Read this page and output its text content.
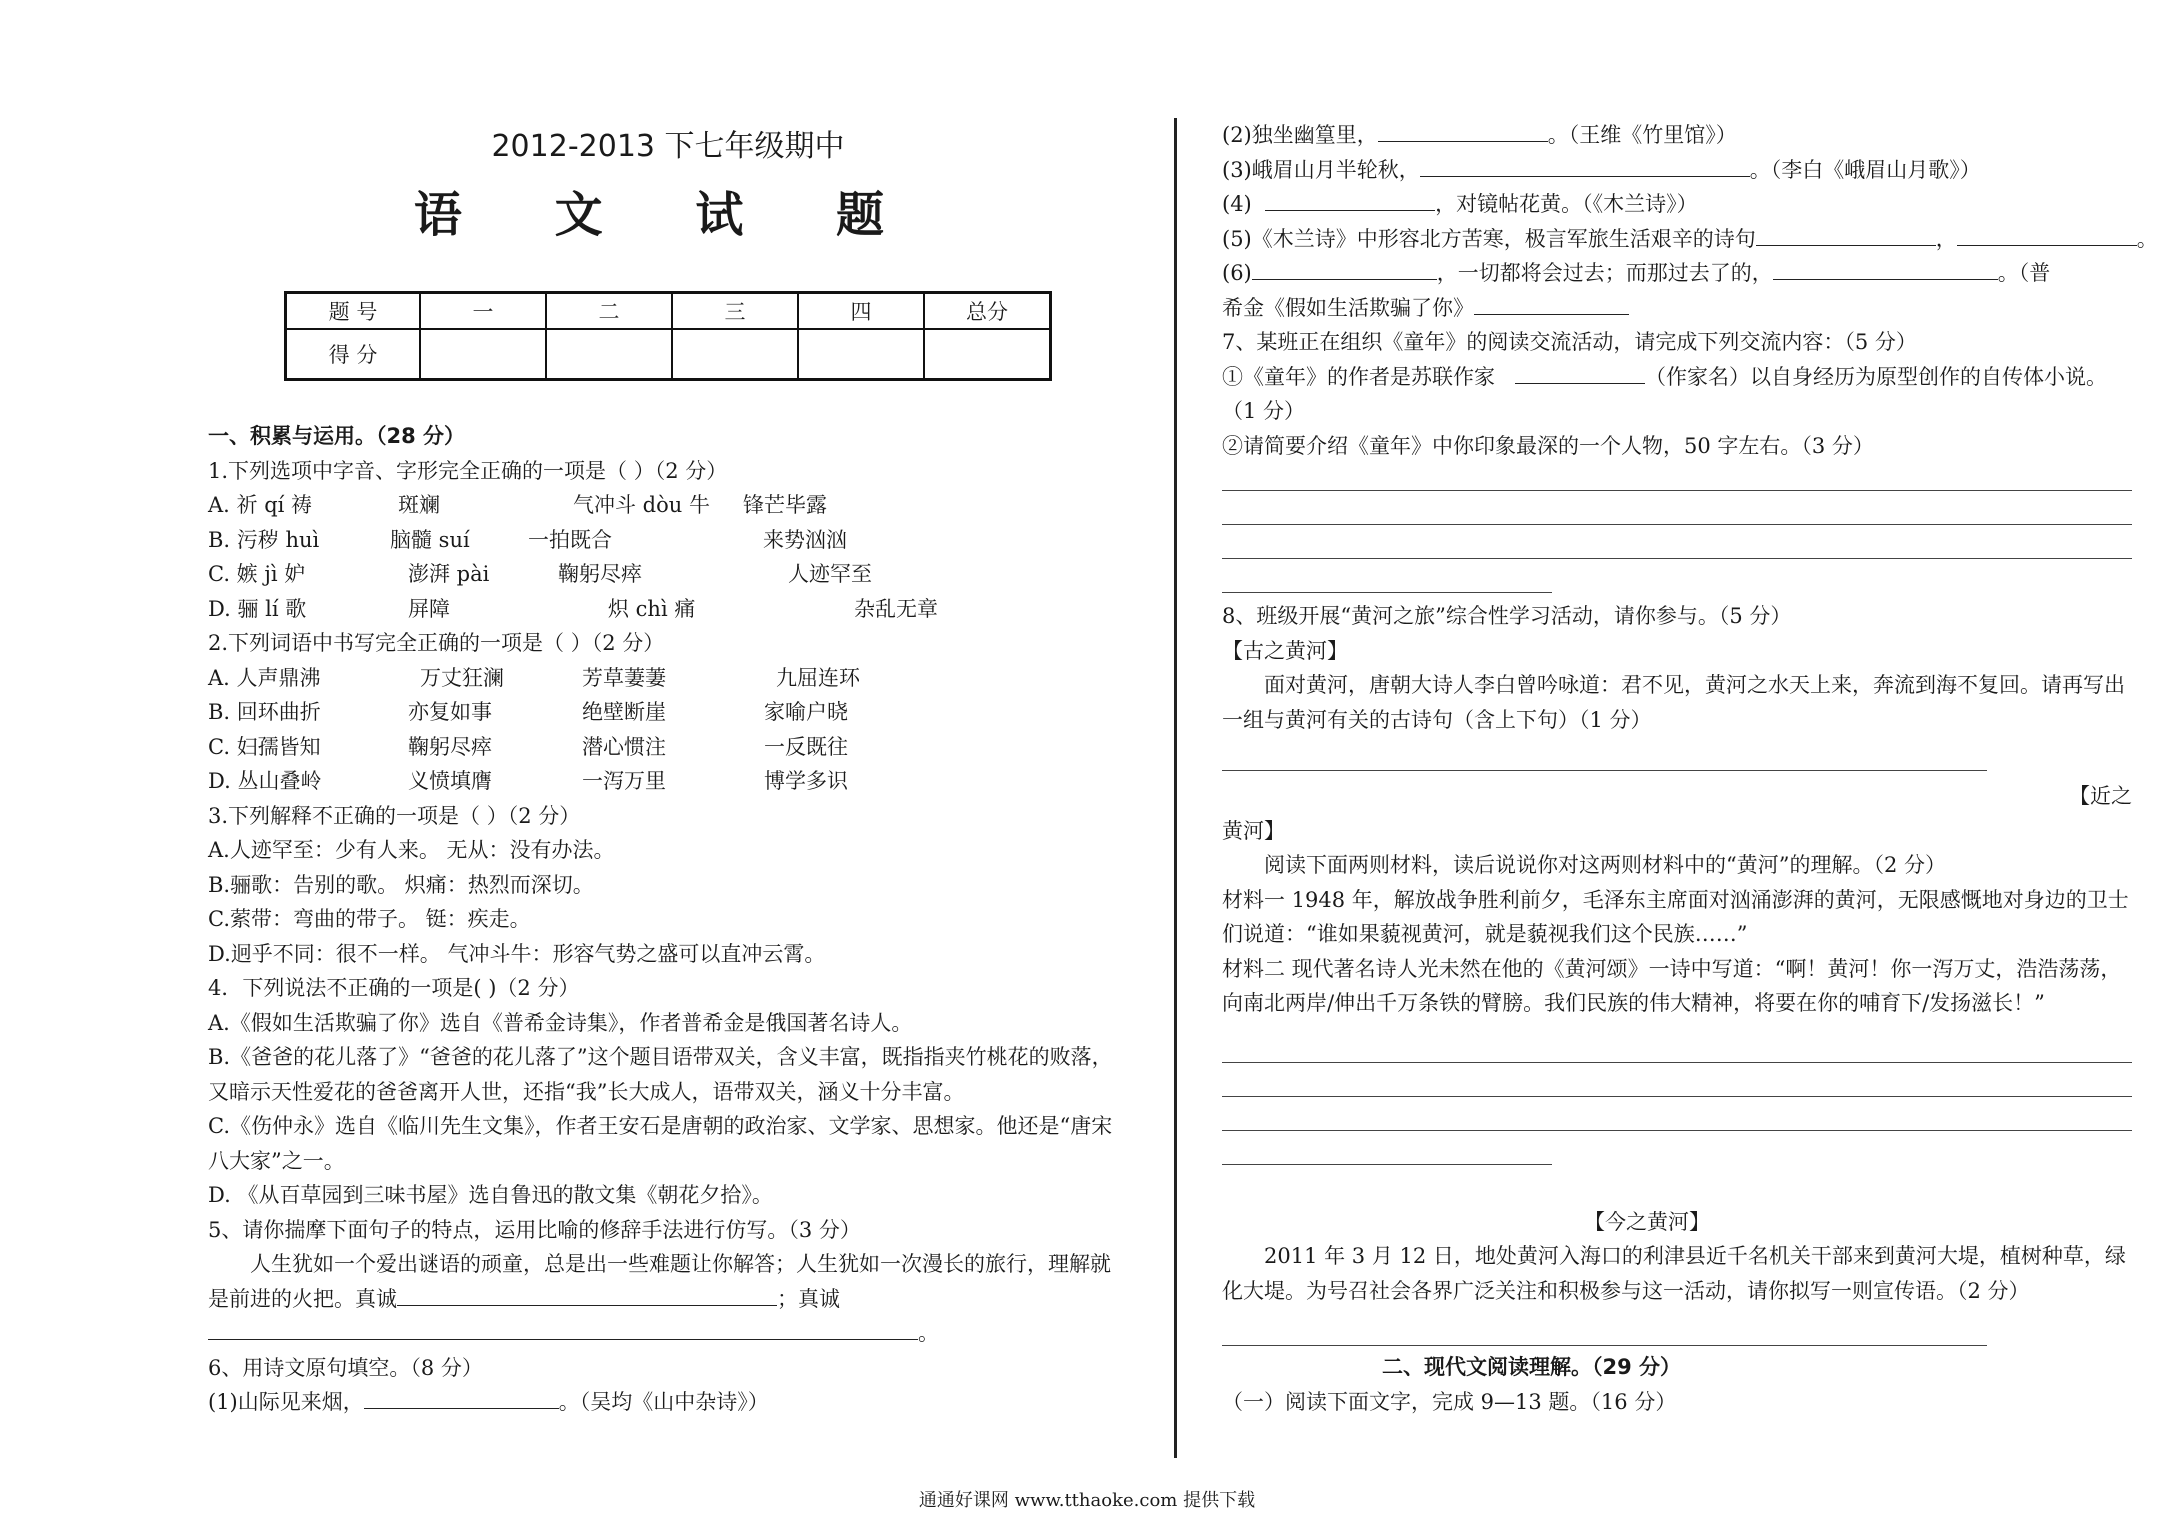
2012-2013 下七年级期中
语 文 试 题
题 号	一	二	三	四	总分
得 分					
一、积累与运用。（28 分）
1.下列选项中字音、字形完全正确的一项是（ ）（2 分）
A. 祈 qí 祷	斑斓	气冲斗 dòu 牛 锋芒毕露
B. 污秽 huì	脑髓 suí	一拍既合	来势汹汹
C. 嫉 jì 妒	澎湃 pài	鞠躬尽瘁	人迹罕至
D. 骊 lí 歌	屏障	炽 chì 痛	杂乱无章
2.下列词语中书写完全正确的一项是（ ）（2 分）
A. 人声鼎沸	万丈狂澜	芳草萋萋	九屈连环
B. 回环曲折	亦复如事	绝壁断崖	家喻户晓
C. 妇孺皆知	鞠躬尽瘁	潜心惯注	一反既往
D. 丛山叠岭	义愤填膺	一泻万里	博学多识
3.下列解释不正确的一项是（ ）（2 分）
A.人迹罕至：少有人来。 无从：没有办法。
B.骊歌：告别的歌。 炽痛：热烈而深切。
C.萦带：弯曲的带子。 铤：疾走。
D.迥乎不同：很不一样。 气冲斗牛：形容气势之盛可以直冲云霄。
4．下列说法不正确的一项是( )（2 分）
A.《假如生活欺骗了你》选自《普希金诗集》，作者普希金是俄国著名诗人。
B.《爸爸的花儿落了》“爸爸的花儿落了”这个题目语带双关，含义丰富，既指指夹竹桃花的败落，又暗示天性爱花的爸爸离开人世，还指“我”长大成人，语带双关，涵义十分丰富。
C.《伤仲永》选自《临川先生文集》，作者王安石是唐朝的政治家、文学家、思想家。他还是“唐宋八大家”之一。
D. 《从百草园到三味书屋》选自鲁迅的散文集《朝花夕拾》。
5、请你揣摩下面句子的特点，运用比喻的修辞手法进行仿写。（3 分）
人生犹如一个爱出谜语的顽童，总是出一些难题让你解答；人生犹如一次漫长的旅行，理解就是前进的火把。真诚	；真诚
。
6、用诗文原句填空。（8 分）
(1)山际见来烟，	。（吴均《山中杂诗》）
(2)独坐幽篁里，	。（王维《竹里馆》）
(3)峨眉山月半轮秋，	。（李白《峨眉山月歌》）
(4)	，对镜帖花黄。（《木兰诗》）
(5)《木兰诗》中形容北方苦寒，极言军旅生活艰辛的诗句	，	。
(6)	，一切都将会过去；而那过去了的，	。（普
希金《假如生活欺骗了你》
7、某班正在组织《童年》的阅读交流活动，请完成下列交流内容：（5 分）
①《童年》的作者是苏联作家	（作家名）以自身经历为原型创作的自传体小说。
（1 分）
②请简要介绍《童年》中你印象最深的一个人物，50 字左右。（3 分）
8、班级开展“黄河之旅”综合性学习活动，请你参与。（5 分）
【古之黄河】
面对黄河，唐朝大诗人李白曾吟咏道：君不见，黄河之水天上来，奔流到海不复回。请再写出一组与黄河有关的古诗句（含上下句）（1 分）
【近之
黄河】
阅读下面两则材料，读后说说你对这两则材料中的“黄河”的理解。（2 分）
材料一 1948 年，解放战争胜利前夕，毛泽东主席面对汹涌澎湃的黄河，无限感慨地对身边的卫士们说道：“谁如果藐视黄河，就是藐视我们这个民族……”
材料二 现代著名诗人光未然在他的《黄河颂》一诗中写道：“啊！黄河！你一泻万丈，浩浩荡荡，向南北两岸/伸出千万条铁的臂膀。我们民族的伟大精神，将要在你的哺育下/发扬滋长！”
【今之黄河】
2011 年 3 月 12 日，地处黄河入海口的利津县近千名机关干部来到黄河大堤，植树种草，绿化大堤。为号召社会各界广泛关注和积极参与这一活动，请你拟写一则宣传语。（2 分）
二、现代文阅读理解。（29 分）
（一）阅读下面文字，完成 9—13 题。（16 分）
通通好课网 www.tthaoke.com 提供下载
